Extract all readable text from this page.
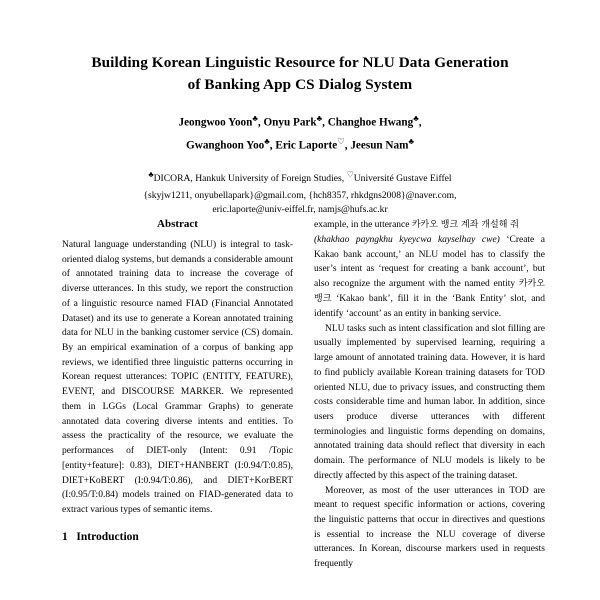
Building Korean Linguistic Resource for NLU Data Generation
of Banking App CS Dialog System
Jeongwoo Yoon♣, Onyu Park♣, Changhoe Hwang♣,
Gwanghoon Yoo♣, Eric Laporte♡, Jeesun Nam♣
♣DICORA, Hankuk University of Foreign Studies, ♡Université Gustave Eiffel
{skyjw1211, onyubellapark}@gmail.com, {hch8357, rhkdgns2008}@naver.com,
eric.laporte@univ-eiffel.fr, namjs@hufs.ac.kr
Abstract

Natural language understanding (NLU) is integral to task-oriented dialog systems, but demands a considerable amount of annotated training data to increase the coverage of diverse utterances. In this study, we report the construction of a linguistic resource named FIAD (Financial Annotated Dataset) and its use to generate a Korean annotated training data for NLU in the banking customer service (CS) domain. By an empirical examination of a corpus of banking app reviews, we identified three linguistic patterns occurring in Korean request utterances: TOPIC (ENTITY, FEATURE), EVENT, and DISCOURSE MARKER. We represented them in LGGs (Local Grammar Graphs) to generate annotated data covering diverse intents and entities. To assess the practicality of the resource, we evaluate the performances of DIET-only (Intent: 0.91 /Topic [entity+feature]: 0.83), DIET+HANBERT (I:0.94/T:0.85), DIET+KoBERT (I:0.94/T:0.86), and DIET+KorBERT (I:0.95/T:0.84) models trained on FIAD-generated data to extract various types of semantic items.

1 Introduction

example, in the utterance 카카오 뱅크 계좌 개설해 줘
(khakhao payngkhu kyeycwa kayselhay cwe) ‘Create a Kakao bank account,’ an NLU model has to classify the user’s intent as ‘request for creating a bank account’, but also recognize the argument with the named entity 카카오 뱅크 ‘Kakao bank’, fill it in the ‘Bank Entity’ slot, and identify ‘account’ as an entity in banking service.

NLU tasks such as intent classification and slot filling are usually implemented by supervised learning, requiring a large amount of annotated training data. However, it is hard to find publicly available Korean training datasets for TOD oriented NLU, due to privacy issues, and constructing them costs considerable time and human labor. In addition, since users produce diverse utterances with different terminologies and linguistic forms depending on domains, annotated training data should reflect that diversity in each domain. The performance of NLU models is likely to be directly affected by this aspect of the training dataset.

Moreover, as most of the user utterances in TOD are meant to request specific information or actions, covering the linguistic patterns that occur in directives and questions is essential to increase the NLU coverage of diverse utterances. In Korean, discourse markers used in requests frequently
